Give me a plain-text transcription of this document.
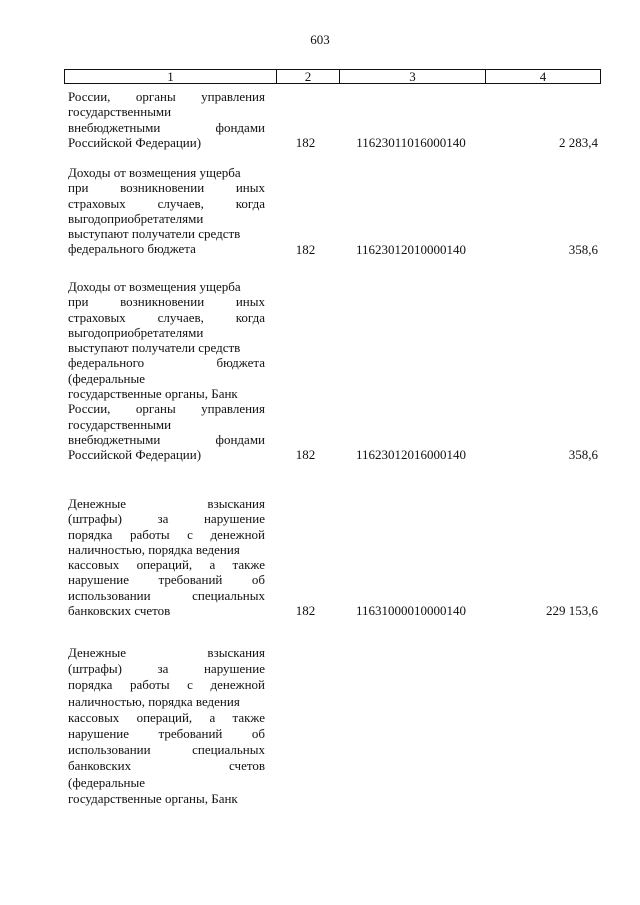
603
1	2	3	4
России, органы управления
государственными
внебюджетными фондами
Российской Федерации)	182	11623011016000140	2 283,4
Доходы от возмещения ущерба
при возникновении иных
страховых случаев, когда
выгодоприобретателями
выступают получатели средств
федерального бюджета	182	11623012010000140	358,6
Доходы от возмещения ущерба
при возникновении иных
страховых случаев, когда
выгодоприобретателями
выступают получатели средств
федерального бюджета
(федеральные
государственные органы, Банк
России, органы управления
государственными
внебюджетными фондами
Российской Федерации)	182	11623012016000140	358,6
Денежные взыскания
(штрафы) за нарушение
порядка работы с денежной
наличностью, порядка ведения
кассовых операций, а также
нарушение требований об
использовании специальных
банковских счетов	182	11631000010000140	229 153,6
Денежные взыскания
(штрафы) за нарушение
порядка работы с денежной
наличностью, порядка ведения
кассовых операций, а также
нарушение требований об
использовании специальных
банковских счетов
(федеральные
государственные органы, Банк
